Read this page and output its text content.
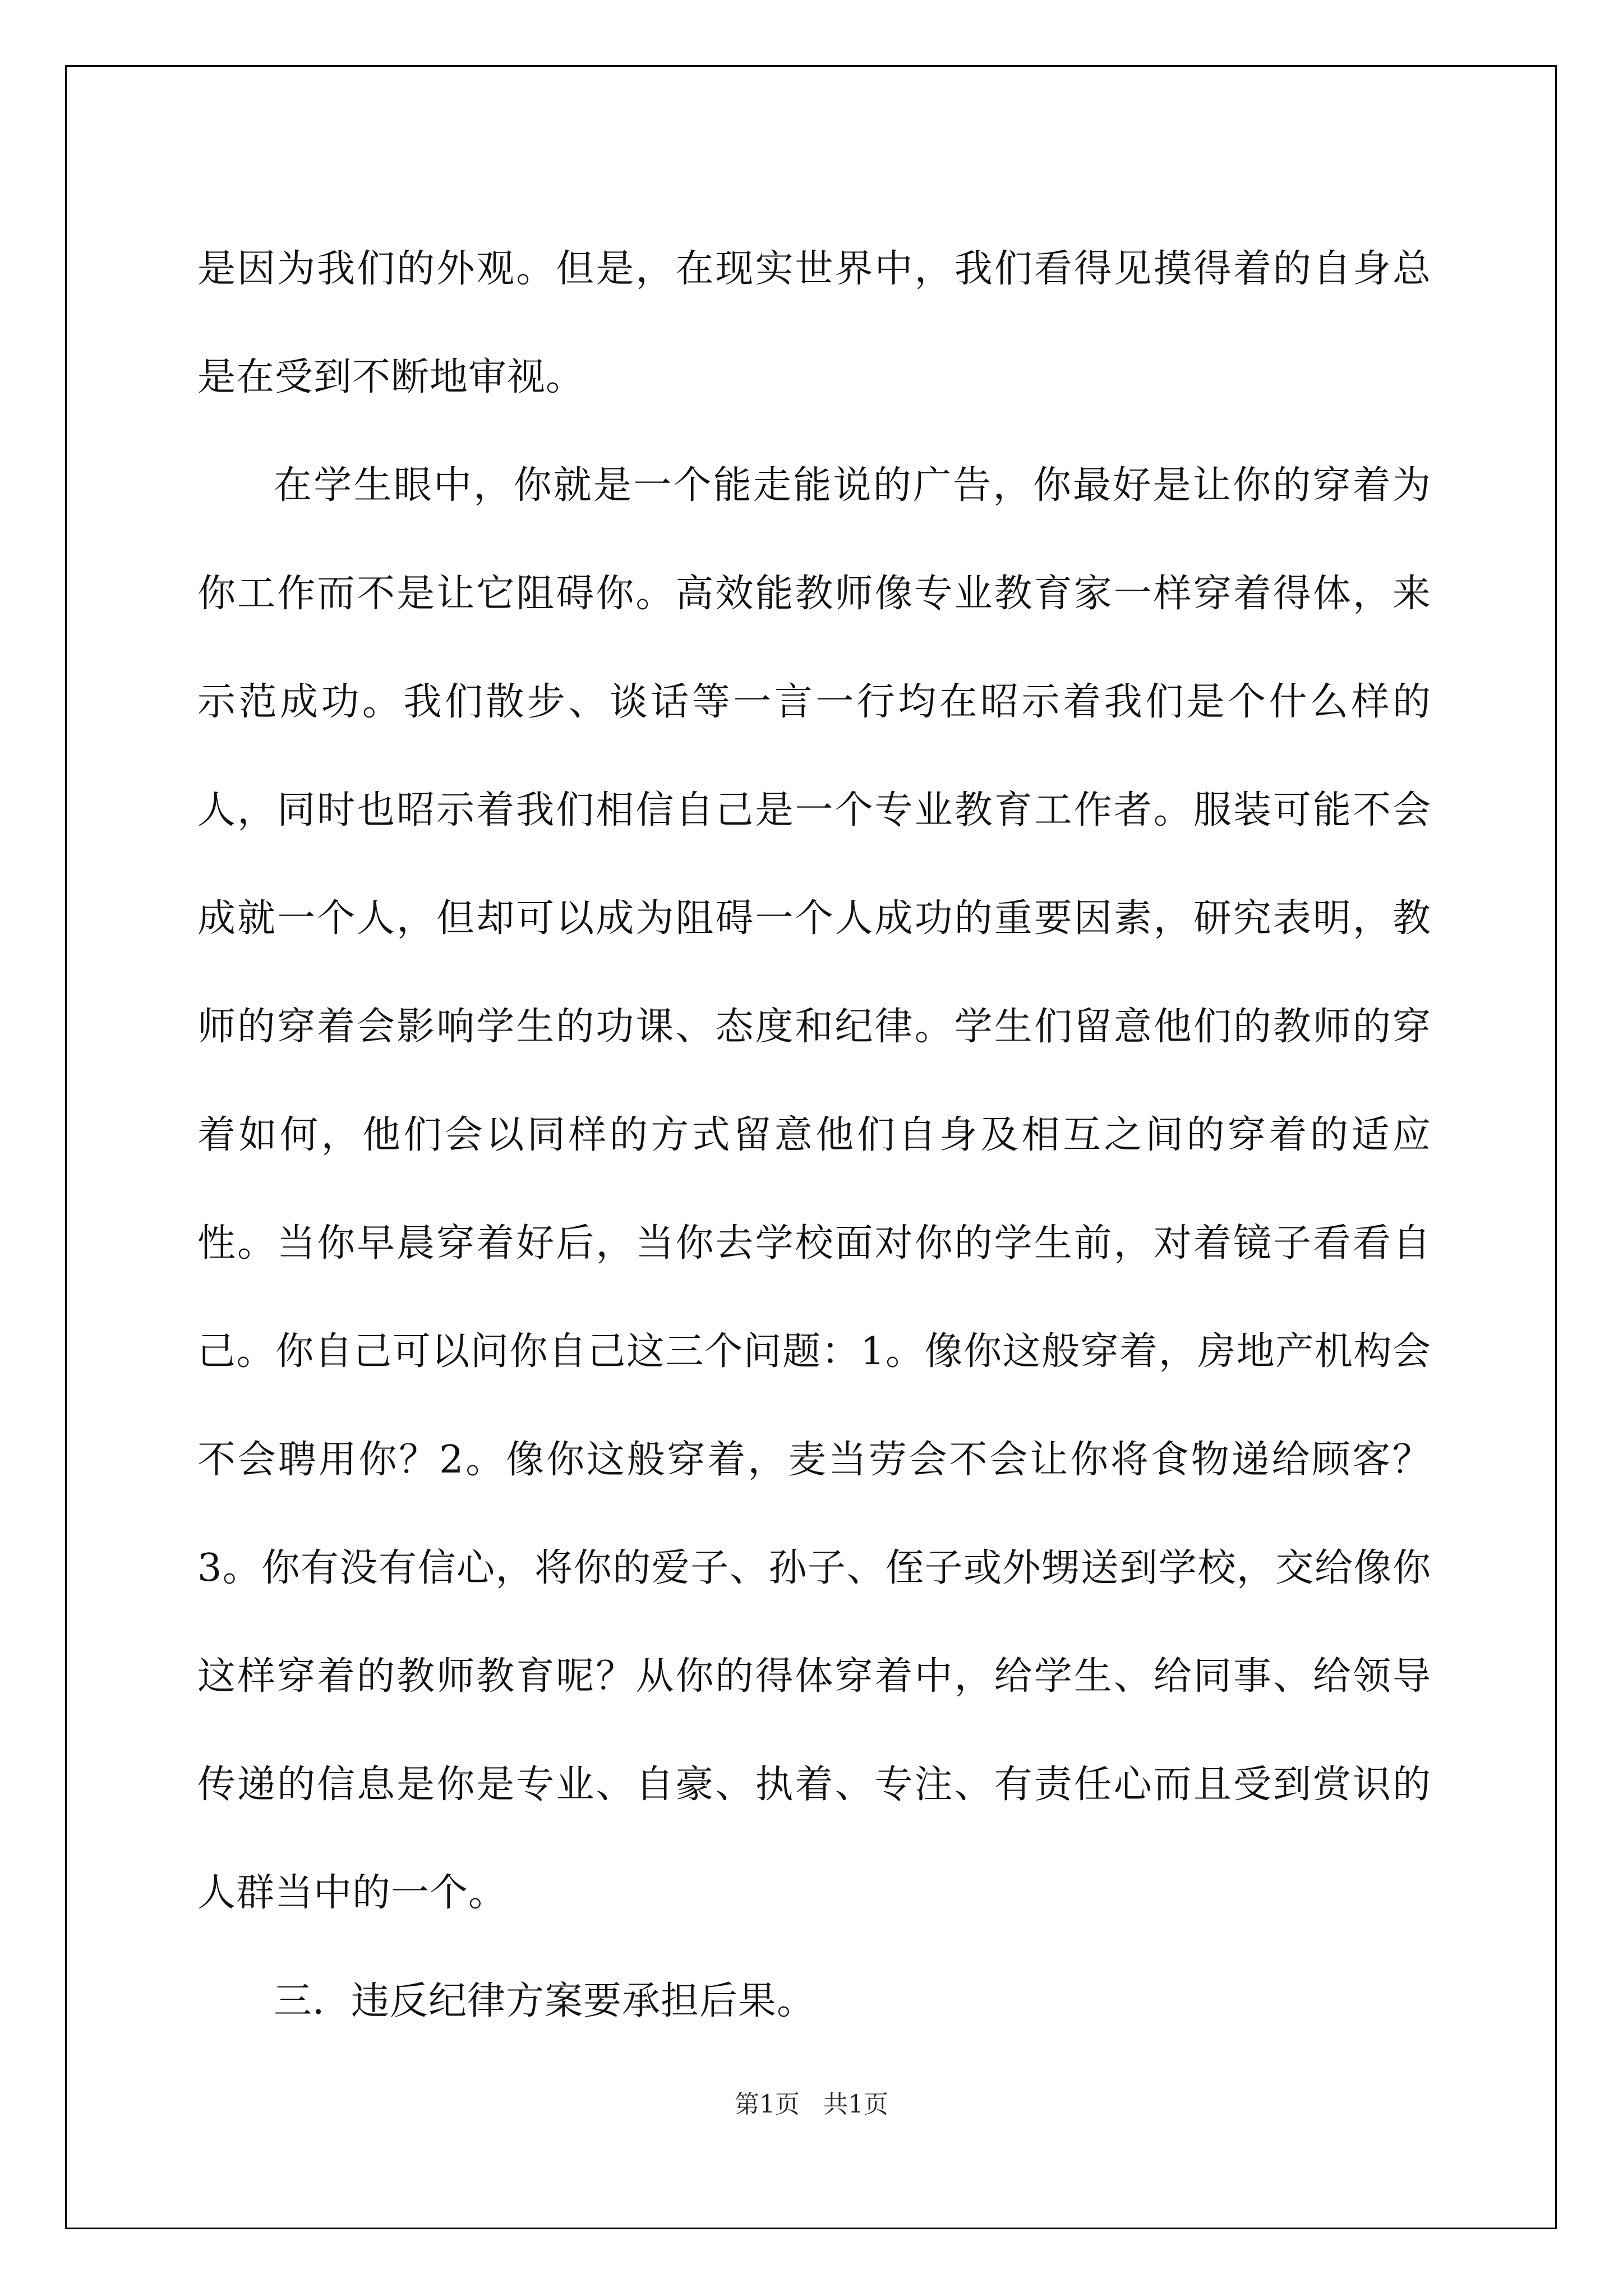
是因为我们的外观。但是，在现实世界中，我们看得见摸得着的自身总是在受到不断地审视。

在学生眼中，你就是一个能走能说的广告，你最好是让你的穿着为你工作而不是让它阻碍你。高效能教师像专业教育家一样穿着得体，来示范成功。我们散步、谈话等一言一行均在昭示着我们是个什么样的人，同时也昭示着我们相信自己是一个专业教育工作者。服装可能不会成就一个人，但却可以成为阻碍一个人成功的重要因素，研究表明，教师的穿着会影响学生的功课、态度和纪律。学生们留意他们的教师的穿着如何，他们会以同样的方式留意他们自身及相互之间的穿着的适应性。当你早晨穿着好后，当你去学校面对你的学生前，对着镜子看看自己。你自己可以问你自己这三个问题：1。像你这般穿着，房地产机构会不会聘用你？2。像你这般穿着，麦当劳会不会让你将食物递给顾客？3。你有没有信心，将你的爱子、孙子、侄子或外甥送到学校，交给像你这样穿着的教师教育呢？从你的得体穿着中，给学生、给同事、给领导传递的信息是你是专业、自豪、执着、专注、有责任心而且受到赏识的人群当中的一个。

三．违反纪律方案要承担后果。

第1页   共1页
